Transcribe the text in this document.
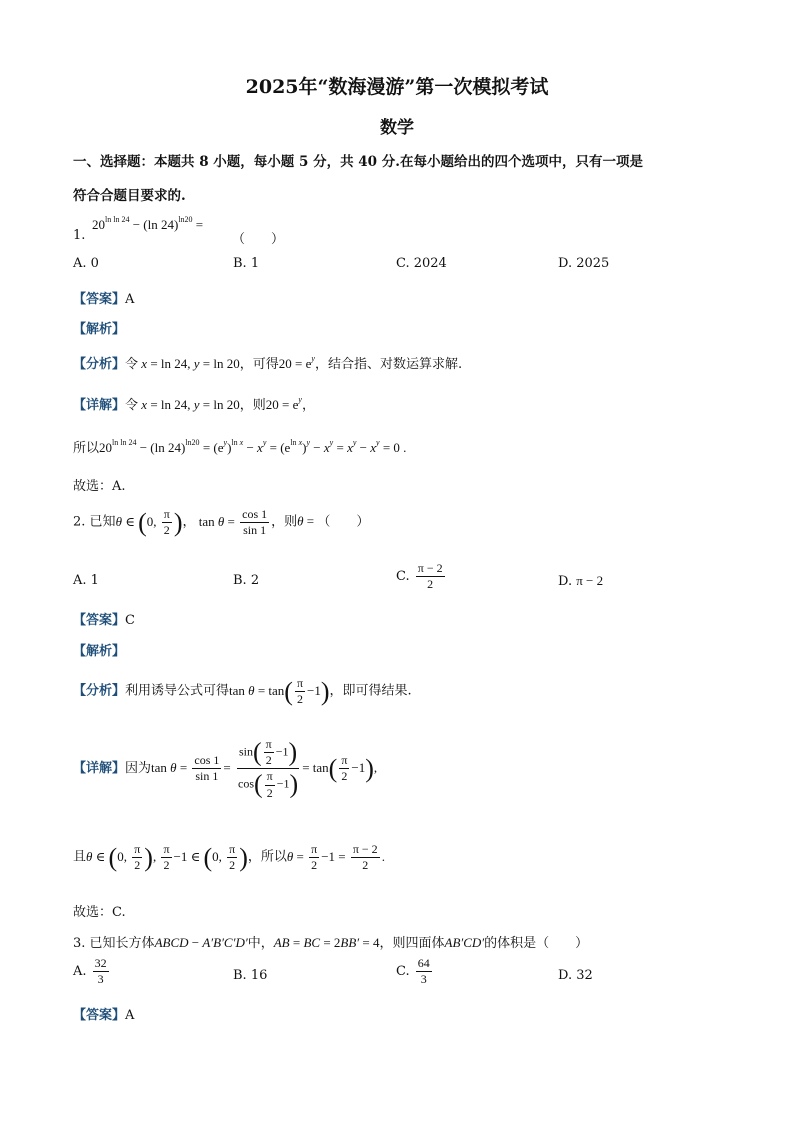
2025年“数海漫游”第一次模拟考试
数学
一、选择题：本题共 8 小题，每小题 5 分，共 40 分.在每小题给出的四个选项中，只有一项是
符合合题目要求的.
$20^{ln ln 24} - (\ln$ 24)$^{ln20}$ =
1.	（　　）
A. 0	B. 1	C. 2024	D. 2025
【答案】A
【解析】
【分析】令 x = ln 24, y = ln 20，可得$20 = e^y$，结合指、对数运算求解.
【详解】令 x = ln 24, y = ln 20，则$20 = e^y$，
所以$20^{ln ln 24} - (\ln$ $24)^{ln20} = (e^y)^{ln x} - x^y = (e^{ln x})^y - x^y = x^y - x^y = 0$ .
故选：A.
2. 已知θ ∈ (0, $\frac{\pi}{2}$ )， $\tan \theta = \frac{\cos 1}{\sin 1}$ ，则θ = （　　）
A. 1	B. 2	C. $\frac{\pi - 2}{2}$	D. π − 2
【答案】C
【解析】
【分析】利用诱导公式可得$\tan \theta = \tan( \frac{\pi}{2} -1)$，即可得结果.
【详解】因为$\tan \theta = \frac{\cos 1}{\sin 1} = \frac{\sin( \frac{\pi}{2} -1)}{\cos( \frac{\pi}{2} -1)} = \tan( \frac{\pi}{2} -1)$,
且θ ∈ (0, $\frac{\pi}{2}$ ), $\frac{\pi}{2} -1$ ∈ (0, $\frac{\pi}{2}$ )，所以$\theta = \frac{\pi}{2} -1 = \frac{\pi - 2}{2}$ .
故选：C.
3. 已知长方体ABCD − A′B′C′D′中，AB = BC = 2BB′ = 4，则四面体AB′CD′的体积是（　　）
A. $\frac{32}{3}$	B. 16	C. $\frac{64}{3}$	D. 32
【答案】A
